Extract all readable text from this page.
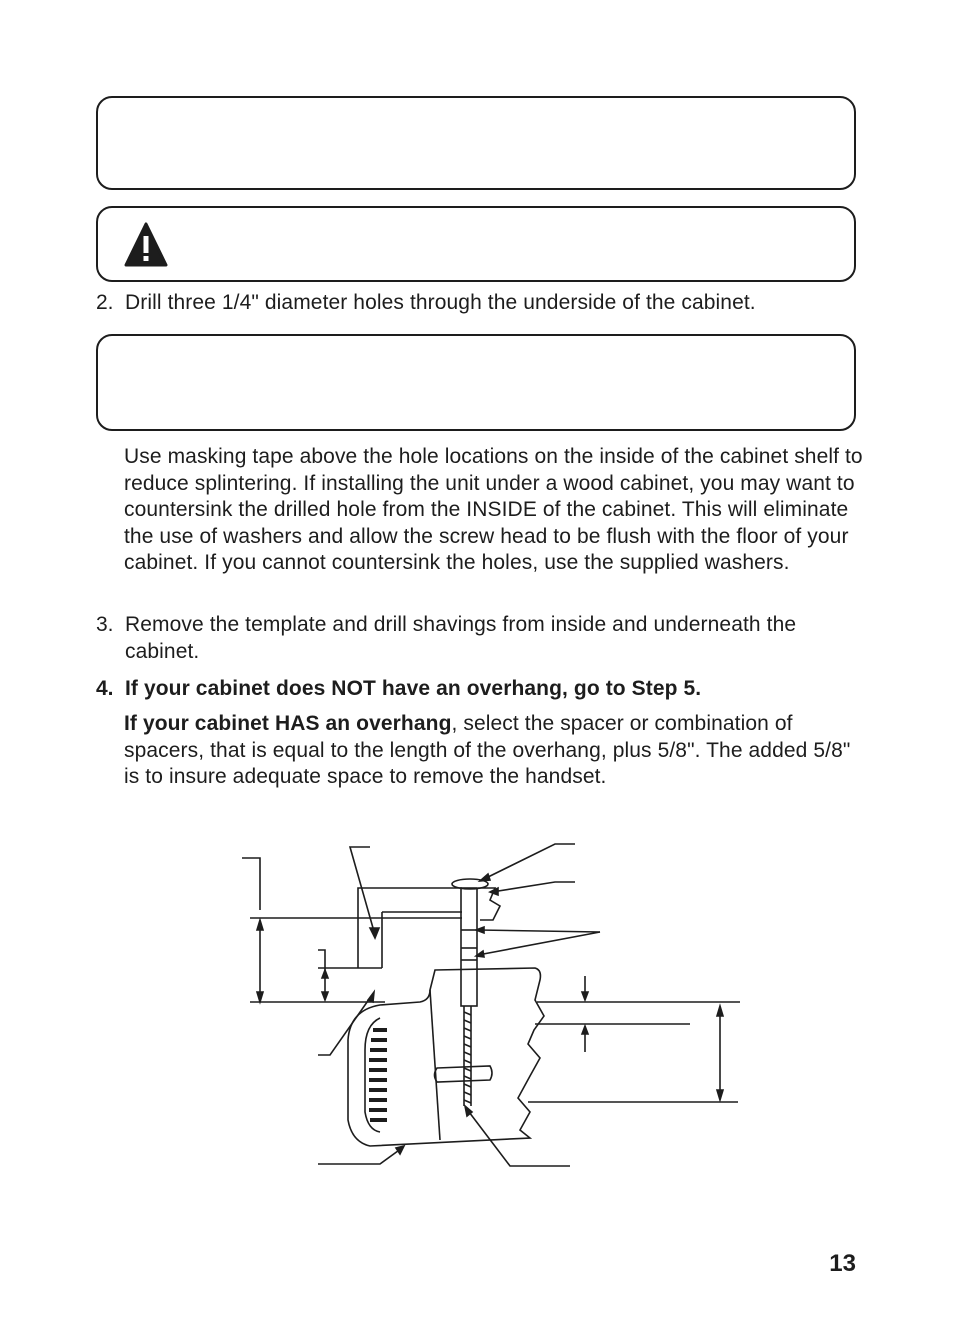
2. Drill three 1/4" diameter holes through the underside of the cabinet.

Use masking tape above the hole locations on the inside of the cabinet shelf to reduce splintering. If installing the unit under a wood cabinet, you may want to countersink the drilled hole from the INSIDE of the cabinet. This will eliminate the use of washers and allow the screw head to be flush with the floor of your cabinet. If you cannot countersink the holes, use the supplied washers.

3. Remove the template and drill shavings from inside and underneath the cabinet.

4. If your cabinet does NOT have an overhang, go to Step 5.

If your cabinet HAS an overhang, select the spacer or combination of spacers, that is equal to the length of the overhang, plus 5/8". The added 5/8" is to insure adequate space to remove the handset.

13
